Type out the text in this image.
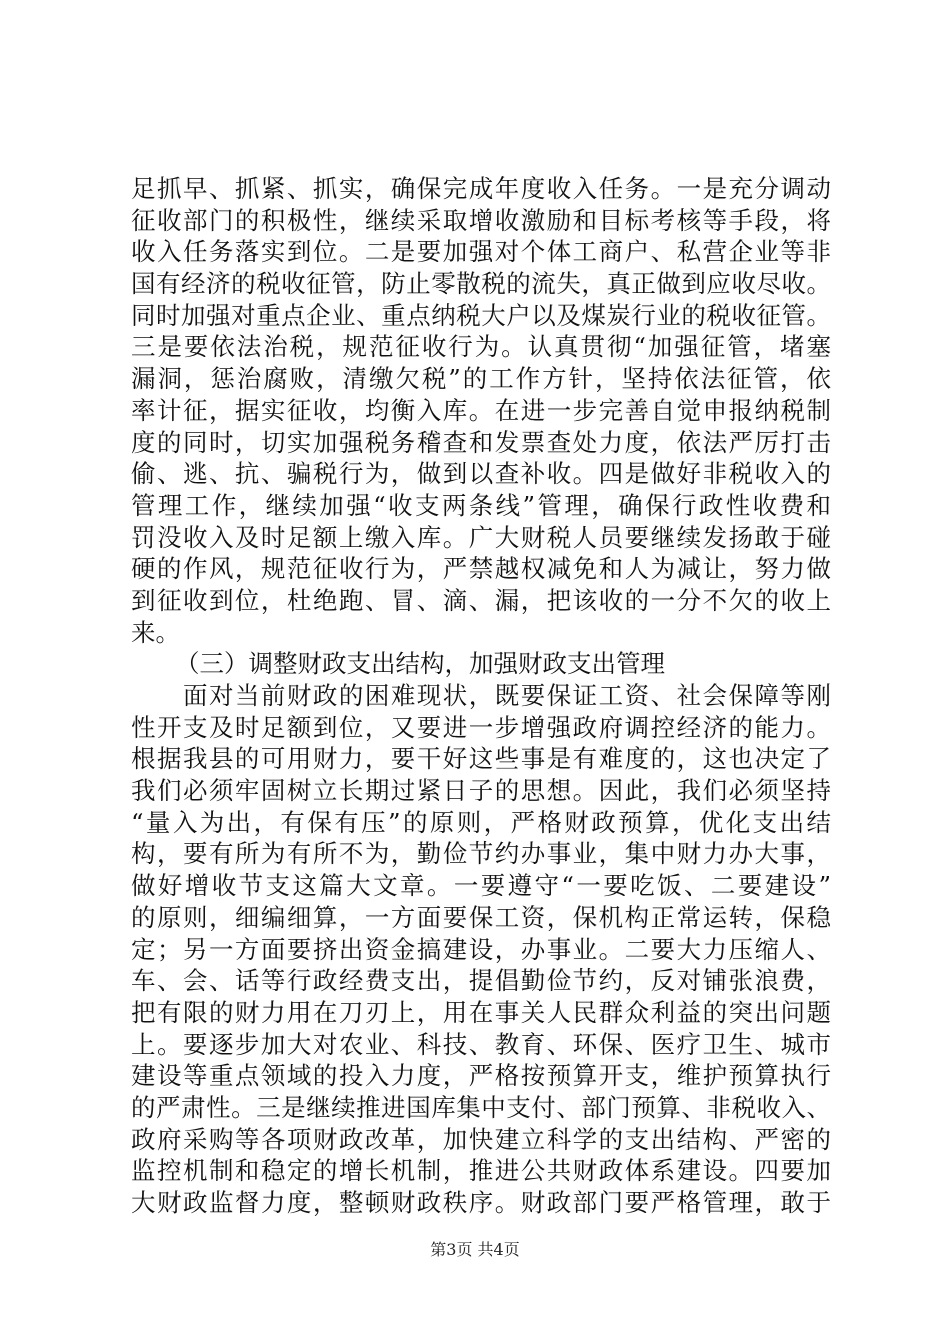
足抓早、抓紧、抓实，确保完成年度收入任务。一是充分调动
征收部门的积极性，继续采取增收激励和目标考核等手段，将
收入任务落实到位。二是要加强对个体工商户、私营企业等非
国有经济的税收征管，防止零散税的流失，真正做到应收尽收。
同时加强对重点企业、重点纳税大户以及煤炭行业的税收征管。
三是要依法治税，规范征收行为。认真贯彻“加强征管，堵塞
漏洞，惩治腐败，清缴欠税”的工作方针，坚持依法征管，依
率计征，据实征收，均衡入库。在进一步完善自觉申报纳税制
度的同时，切实加强税务稽查和发票查处力度，依法严厉打击
偷、逃、抗、骗税行为，做到以查补收。四是做好非税收入的
管理工作，继续加强“收支两条线”管理，确保行政性收费和
罚没收入及时足额上缴入库。广大财税人员要继续发扬敢于碰
硬的作风，规范征收行为，严禁越权减免和人为减让，努力做
到征收到位，杜绝跑、冒、滴、漏，把该收的一分不欠的收上
来。
（三）调整财政支出结构，加强财政支出管理
面对当前财政的困难现状，既要保证工资、社会保障等刚
性开支及时足额到位，又要进一步增强政府调控经济的能力。
根据我县的可用财力，要干好这些事是有难度的，这也决定了
我们必须牢固树立长期过紧日子的思想。因此，我们必须坚持
“量入为出，有保有压”的原则，严格财政预算，优化支出结
构，要有所为有所不为，勤俭节约办事业，集中财力办大事，
做好增收节支这篇大文章。一要遵守“一要吃饭、二要建设”
的原则，细编细算，一方面要保工资，保机构正常运转，保稳
定；另一方面要挤出资金搞建设，办事业。二要大力压缩人、
车、会、话等行政经费支出，提倡勤俭节约，反对铺张浪费，
把有限的财力用在刀刃上，用在事关人民群众利益的突出问题
上。要逐步加大对农业、科技、教育、环保、医疗卫生、城市
建设等重点领域的投入力度，严格按预算开支，维护预算执行
的严肃性。三是继续推进国库集中支付、部门预算、非税收入、
政府采购等各项财政改革，加快建立科学的支出结构、严密的
监控机制和稳定的增长机制，推进公共财政体系建设。四要加
大财政监督力度，整顿财政秩序。财政部门要严格管理，敢于
第3页 共4页
